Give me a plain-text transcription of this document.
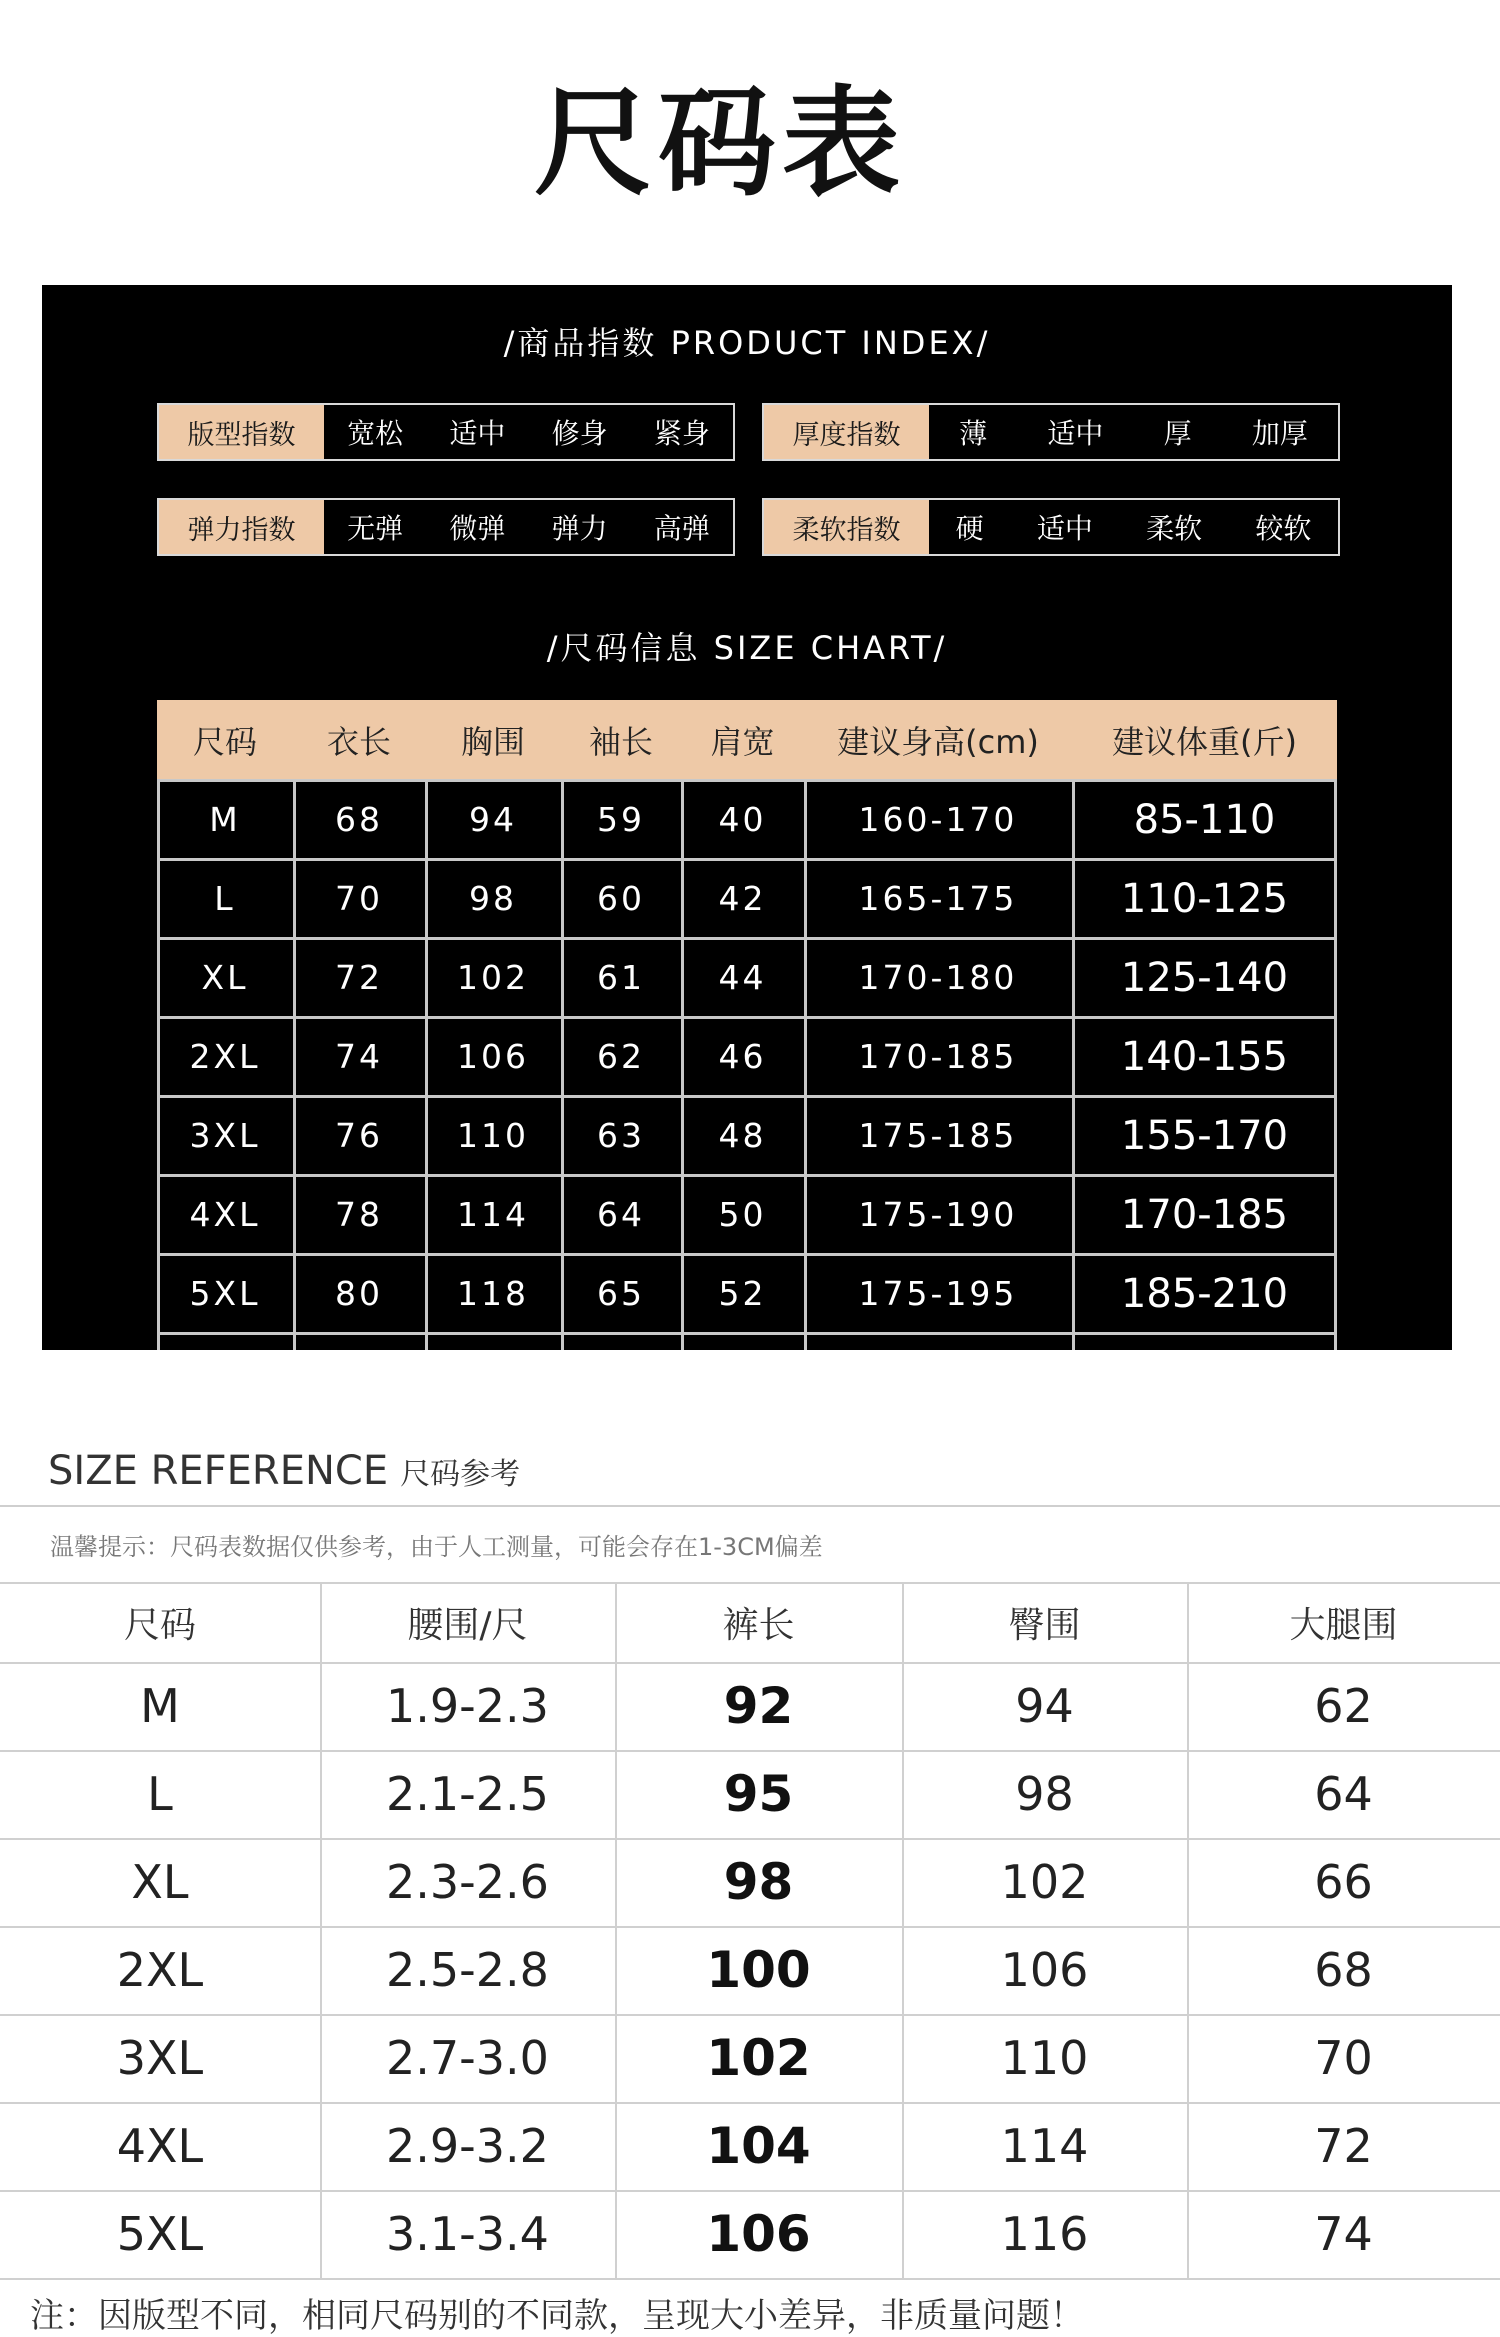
尺码表
/商品指数 PRODUCT INDEX/
版型指数	宽松 适中 修身 紧身	厚度指数	薄 适中 厚 加厚
弹力指数	无弹 微弹 弹力 高弹	柔软指数	硬 适中 柔软 较软
/尺码信息 SIZE CHART/
尺码	衣长	胸围	袖长	肩宽	建议身高(cm)	建议体重(斤)
M	68	94	59	40	160-170	85-110
L	70	98	60	42	165-175	110-125
XL	72	102	61	44	170-180	125-140
2XL	74	106	62	46	170-185	140-155
3XL	76	110	63	48	175-185	155-170
4XL	78	114	64	50	175-190	170-185
5XL	80	118	65	52	175-195	185-210
SIZE REFERENCE 尺码参考
温馨提示：尺码表数据仅供参考，由于人工测量，可能会存在1-3CM偏差
尺码	腰围/尺	裤长	臀围	大腿围
M	1.9-2.3	92	94	62
L	2.1-2.5	95	98	64
XL	2.3-2.6	98	102	66
2XL	2.5-2.8	100	106	68
3XL	2.7-3.0	102	110	70
4XL	2.9-3.2	104	114	72
5XL	3.1-3.4	106	116	74
注：因版型不同，相同尺码别的不同款，呈现大小差异，非质量问题！
